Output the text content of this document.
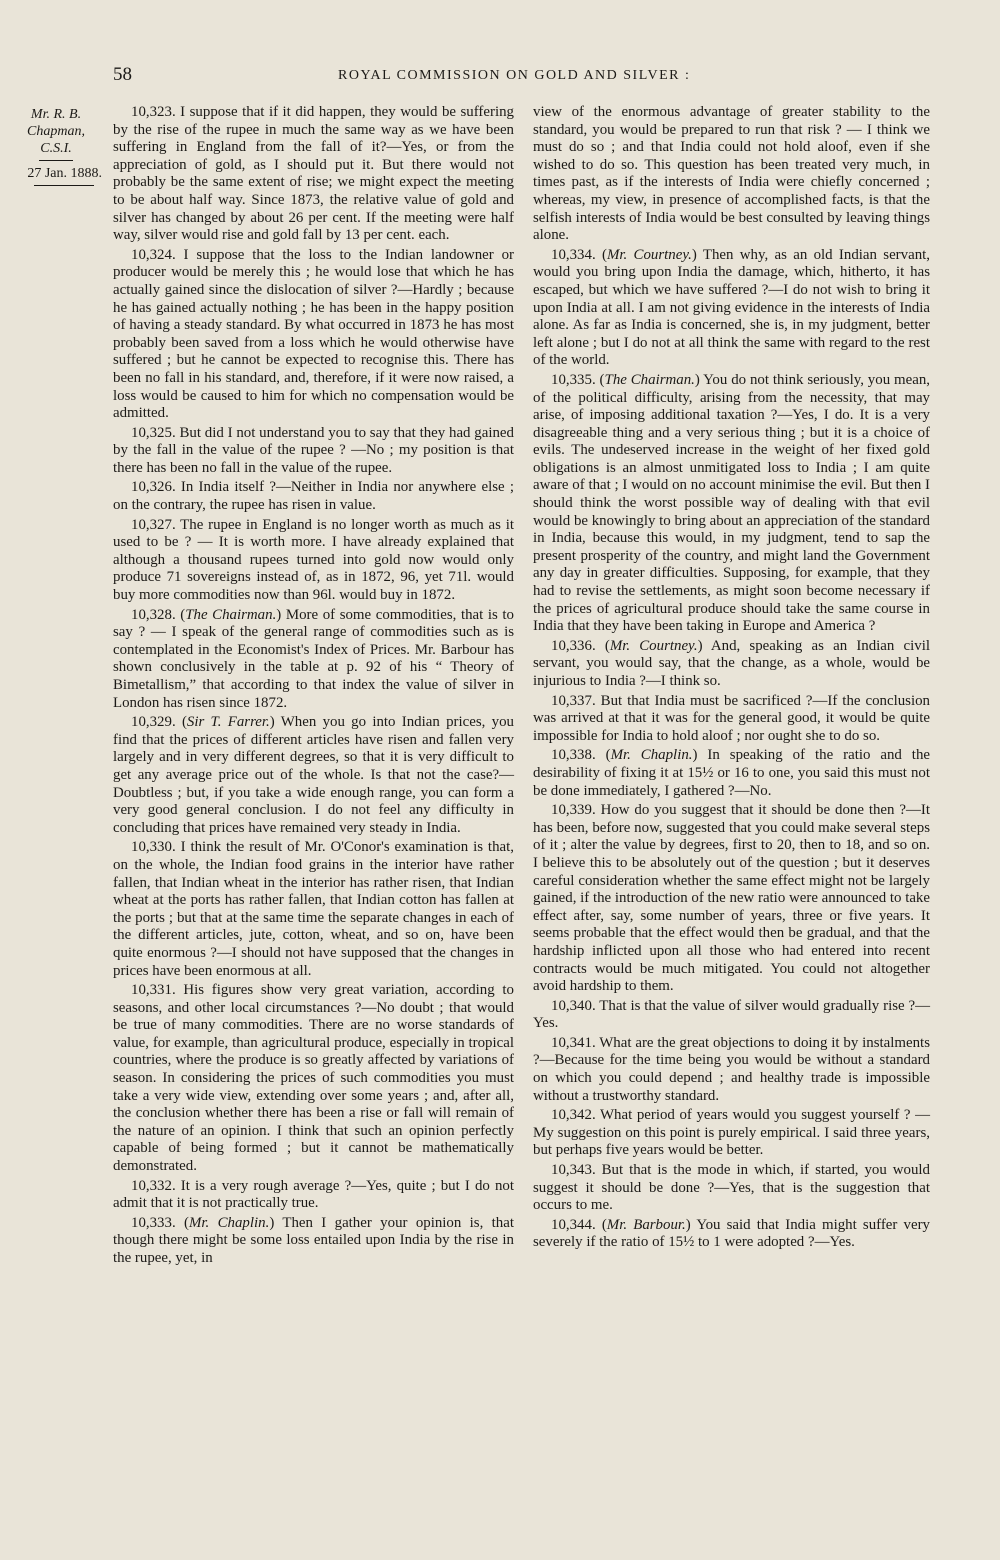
58	ROYAL COMMISSION ON GOLD AND SILVER :
Mr. R. B.
Chapman,
C.S.I.
27 Jan. 1888.

10,323. I suppose that if it did happen, they would be suffering by the rise of the rupee in much the same way as we have been suffering in England from the fall of it?—Yes, or from the appreciation of gold, as I should put it. But there would not probably be the same extent of rise; we might expect the meeting to be about half way. Since 1873, the relative value of gold and silver has changed by about 26 per cent. If the meeting were half way, silver would rise and gold fall by 13 per cent. each.

10,324. I suppose that the loss to the Indian landowner or producer would be merely this ; he would lose that which he has actually gained since the dislocation of silver ?—Hardly ; because he has gained actually nothing ; he has been in the happy position of having a steady standard. By what occurred in 1873 he has most probably been saved from a loss which he would otherwise have suffered ; but he cannot be expected to recognise this. There has been no fall in his standard, and, therefore, if it were now raised, a loss would be caused to him for which no compensation would be admitted.

10,325. But did I not understand you to say that they had gained by the fall in the value of the rupee ? —No ; my position is that there has been no fall in the value of the rupee.

10,326. In India itself ?—Neither in India nor anywhere else ; on the contrary, the rupee has risen in value.

10,327. The rupee in England is no longer worth as much as it used to be ? — It is worth more. I have already explained that although a thousand rupees turned into gold now would only produce 71 sovereigns instead of, as in 1872, 96, yet 71l. would buy more commodities now than 96l. would buy in 1872.

10,328. (The Chairman.) More of some commodities, that is to say ? — I speak of the general range of commodities such as is contemplated in the Economist's Index of Prices. Mr. Barbour has shown conclusively in the table at p. 92 of his “ Theory of Bimetallism,” that according to that index the value of silver in London has risen since 1872.

10,329. (Sir T. Farrer.) When you go into Indian prices, you find that the prices of different articles have risen and fallen very largely and in very different degrees, so that it is very difficult to get any average price out of the whole. Is that not the case?—Doubtless ; but, if you take a wide enough range, you can form a very good general conclusion. I do not feel any difficulty in concluding that prices have remained very steady in India.

10,330. I think the result of Mr. O'Conor's examination is that, on the whole, the Indian food grains in the interior have rather fallen, that Indian wheat in the interior has rather risen, that Indian wheat at the ports has rather fallen, that Indian cotton has fallen at the ports ; but that at the same time the separate changes in each of the different articles, jute, cotton, wheat, and so on, have been quite enormous ?—I should not have supposed that the changes in prices have been enormous at all.

10,331. His figures show very great variation, according to seasons, and other local circumstances ?—No doubt ; that would be true of many commodities. There are no worse standards of value, for example, than agricultural produce, especially in tropical countries, where the produce is so greatly affected by variations of season. In considering the prices of such commodities you must take a very wide view, extending over some years ; and, after all, the conclusion whether there has been a rise or fall will remain of the nature of an opinion. I think that such an opinion perfectly capable of being formed ; but it cannot be mathematically demonstrated.

10,332. It is a very rough average ?—Yes, quite ; but I do not admit that it is not practically true.

10,333. (Mr. Chaplin.) Then I gather your opinion is, that though there might be some loss entailed upon India by the rise in the rupee, yet, in

view of the enormous advantage of greater stability to the standard, you would be prepared to run that risk ? — I think we must do so ; and that India could not hold aloof, even if she wished to do so. This question has been treated very much, in times past, as if the interests of India were chiefly concerned ; whereas, my view, in presence of accomplished facts, is that the selfish interests of India would be best consulted by leaving things alone.

10,334. (Mr. Courtney.) Then why, as an old Indian servant, would you bring upon India the damage, which, hitherto, it has escaped, but which we have suffered ?—I do not wish to bring it upon India at all. I am not giving evidence in the interests of India alone. As far as India is concerned, she is, in my judgment, better left alone ; but I do not at all think the same with regard to the rest of the world.

10,335. (The Chairman.) You do not think seriously, you mean, of the political difficulty, arising from the necessity, that may arise, of imposing additional taxation ?—Yes, I do. It is a very disagreeable thing and a very serious thing ; but it is a choice of evils. The undeserved increase in the weight of her fixed gold obligations is an almost unmitigated loss to India ; I am quite aware of that ; I would on no account minimise the evil. But then I should think the worst possible way of dealing with that evil would be knowingly to bring about an appreciation of the standard in India, because this would, in my judgment, tend to sap the present prosperity of the country, and might land the Government any day in greater difficulties. Supposing, for example, that they had to revise the settlements, as might soon become necessary if the prices of agricultural produce should take the same course in India that they have been taking in Europe and America ?

10,336. (Mr. Courtney.) And, speaking as an Indian civil servant, you would say, that the change, as a whole, would be injurious to India ?—I think so.

10,337. But that India must be sacrificed ?—If the conclusion was arrived at that it was for the general good, it would be quite impossible for India to hold aloof ; nor ought she to do so.

10,338. (Mr. Chaplin.) In speaking of the ratio and the desirability of fixing it at 15½ or 16 to one, you said this must not be done immediately, I gathered ?—No.

10,339. How do you suggest that it should be done then ?—It has been, before now, suggested that you could make several steps of it ; alter the value by degrees, first to 20, then to 18, and so on. I believe this to be absolutely out of the question ; but it deserves careful consideration whether the same effect might not be largely gained, if the introduction of the new ratio were announced to take effect after, say, some number of years, three or five years. It seems probable that the effect would then be gradual, and that the hardship inflicted upon all those who had entered into recent contracts would be much mitigated. You could not altogether avoid hardship to them.

10,340. That is that the value of silver would gradually rise ?—Yes.

10,341. What are the great objections to doing it by instalments ?—Because for the time being you would be without a standard on which you could depend ; and healthy trade is impossible without a trustworthy standard.

10,342. What period of years would you suggest yourself ? — My suggestion on this point is purely empirical. I said three years, but perhaps five years would be better.

10,343. But that is the mode in which, if started, you would suggest it should be done ?—Yes, that is the suggestion that occurs to me.

10,344. (Mr. Barbour.) You said that India might suffer very severely if the ratio of 15½ to 1 were adopted ?—Yes.
